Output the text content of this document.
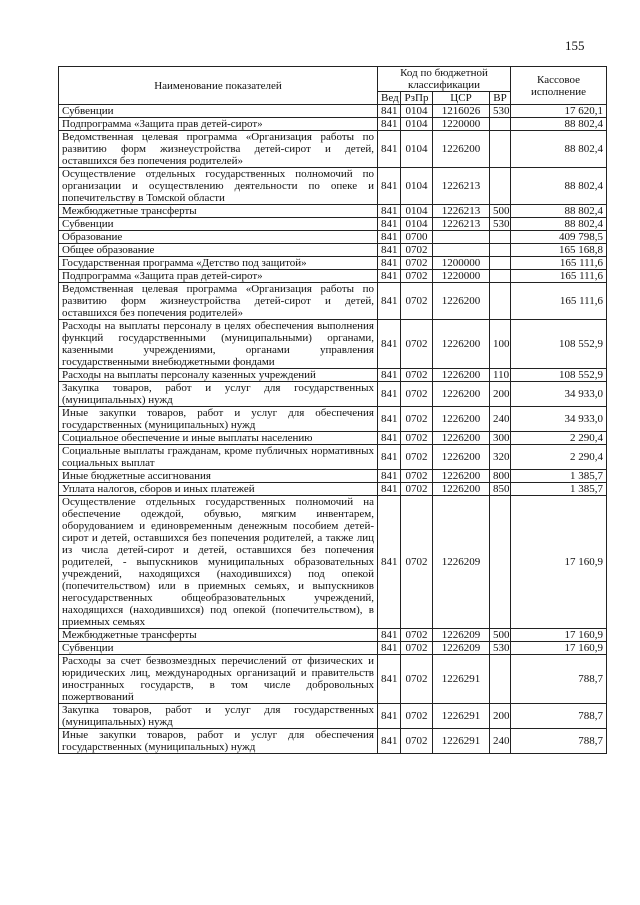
155
Наименование показателей	Код по бюджетной классификации				Кассовое исполнение
	Вед	РзПр	ЦСР	ВР	
Субвенции	841	0104	1216026	530	17 620,1
Подпрограмма «Защита прав детей-сирот»	841	0104	1220000		88 802,4
Ведомственная целевая программа «Организация работы по развитию форм жизнеустройства детей-сирот и детей, оставшихся без попечения родителей»	841	0104	1226200		88 802,4
Осуществление отдельных государственных полномочий по организации и осуществлению деятельности по опеке и попечительству в Томской области	841	0104	1226213		88 802,4
Межбюджетные трансферты	841	0104	1226213	500	88 802,4
Субвенции	841	0104	1226213	530	88 802,4
Образование	841	0700			409 798,5
Общее образование	841	0702			165 168,8
Государственная программа «Детство под защитой»	841	0702	1200000		165 111,6
Подпрограмма «Защита прав детей-сирот»	841	0702	1220000		165 111,6
Ведомственная целевая программа «Организация работы по развитию форм жизнеустройства детей-сирот и детей, оставшихся без попечения родителей»	841	0702	1226200		165 111,6
Расходы на выплаты персоналу в целях обеспечения выполнения функций государственными (муниципальными) органами, казенными учреждениями, органами управления государственными внебюджетными фондами	841	0702	1226200	100	108 552,9
Расходы на выплаты персоналу казенных учреждений	841	0702	1226200	110	108 552,9
Закупка товаров, работ и услуг для государственных (муниципальных) нужд	841	0702	1226200	200	34 933,0
Иные закупки товаров, работ и услуг для обеспечения государственных (муниципальных) нужд	841	0702	1226200	240	34 933,0
Социальное обеспечение и иные выплаты населению	841	0702	1226200	300	2 290,4
Социальные выплаты гражданам, кроме публичных нормативных социальных выплат	841	0702	1226200	320	2 290,4
Иные бюджетные ассигнования	841	0702	1226200	800	1 385,7
Уплата налогов, сборов и иных платежей	841	0702	1226200	850	1 385,7
Осуществление отдельных государственных полномочий на обеспечение одеждой, обувью, мягким инвентарем, оборудованием и единовременным денежным пособием детей-сирот и детей, оставшихся без попечения родителей, а также лиц из числа детей-сирот и детей, оставшихся без попечения родителей, - выпускников муниципальных образовательных учреждений, находящихся (находившихся) под опекой (попечительством) или в приемных семьях, и выпускников негосударственных общеобразовательных учреждений, находящихся (находившихся) под опекой (попечительством), в приемных семьях	841	0702	1226209		17 160,9
Межбюджетные трансферты	841	0702	1226209	500	17 160,9
Субвенции	841	0702	1226209	530	17 160,9
Расходы за счет безвозмездных перечислений от физических и юридических лиц, международных организаций и правительств иностранных государств, в том числе добровольных пожертвований	841	0702	1226291		788,7
Закупка товаров, работ и услуг для государственных (муниципальных) нужд	841	0702	1226291	200	788,7
Иные закупки товаров, работ и услуг для обеспечения государственных (муниципальных) нужд	841	0702	1226291	240	788,7
